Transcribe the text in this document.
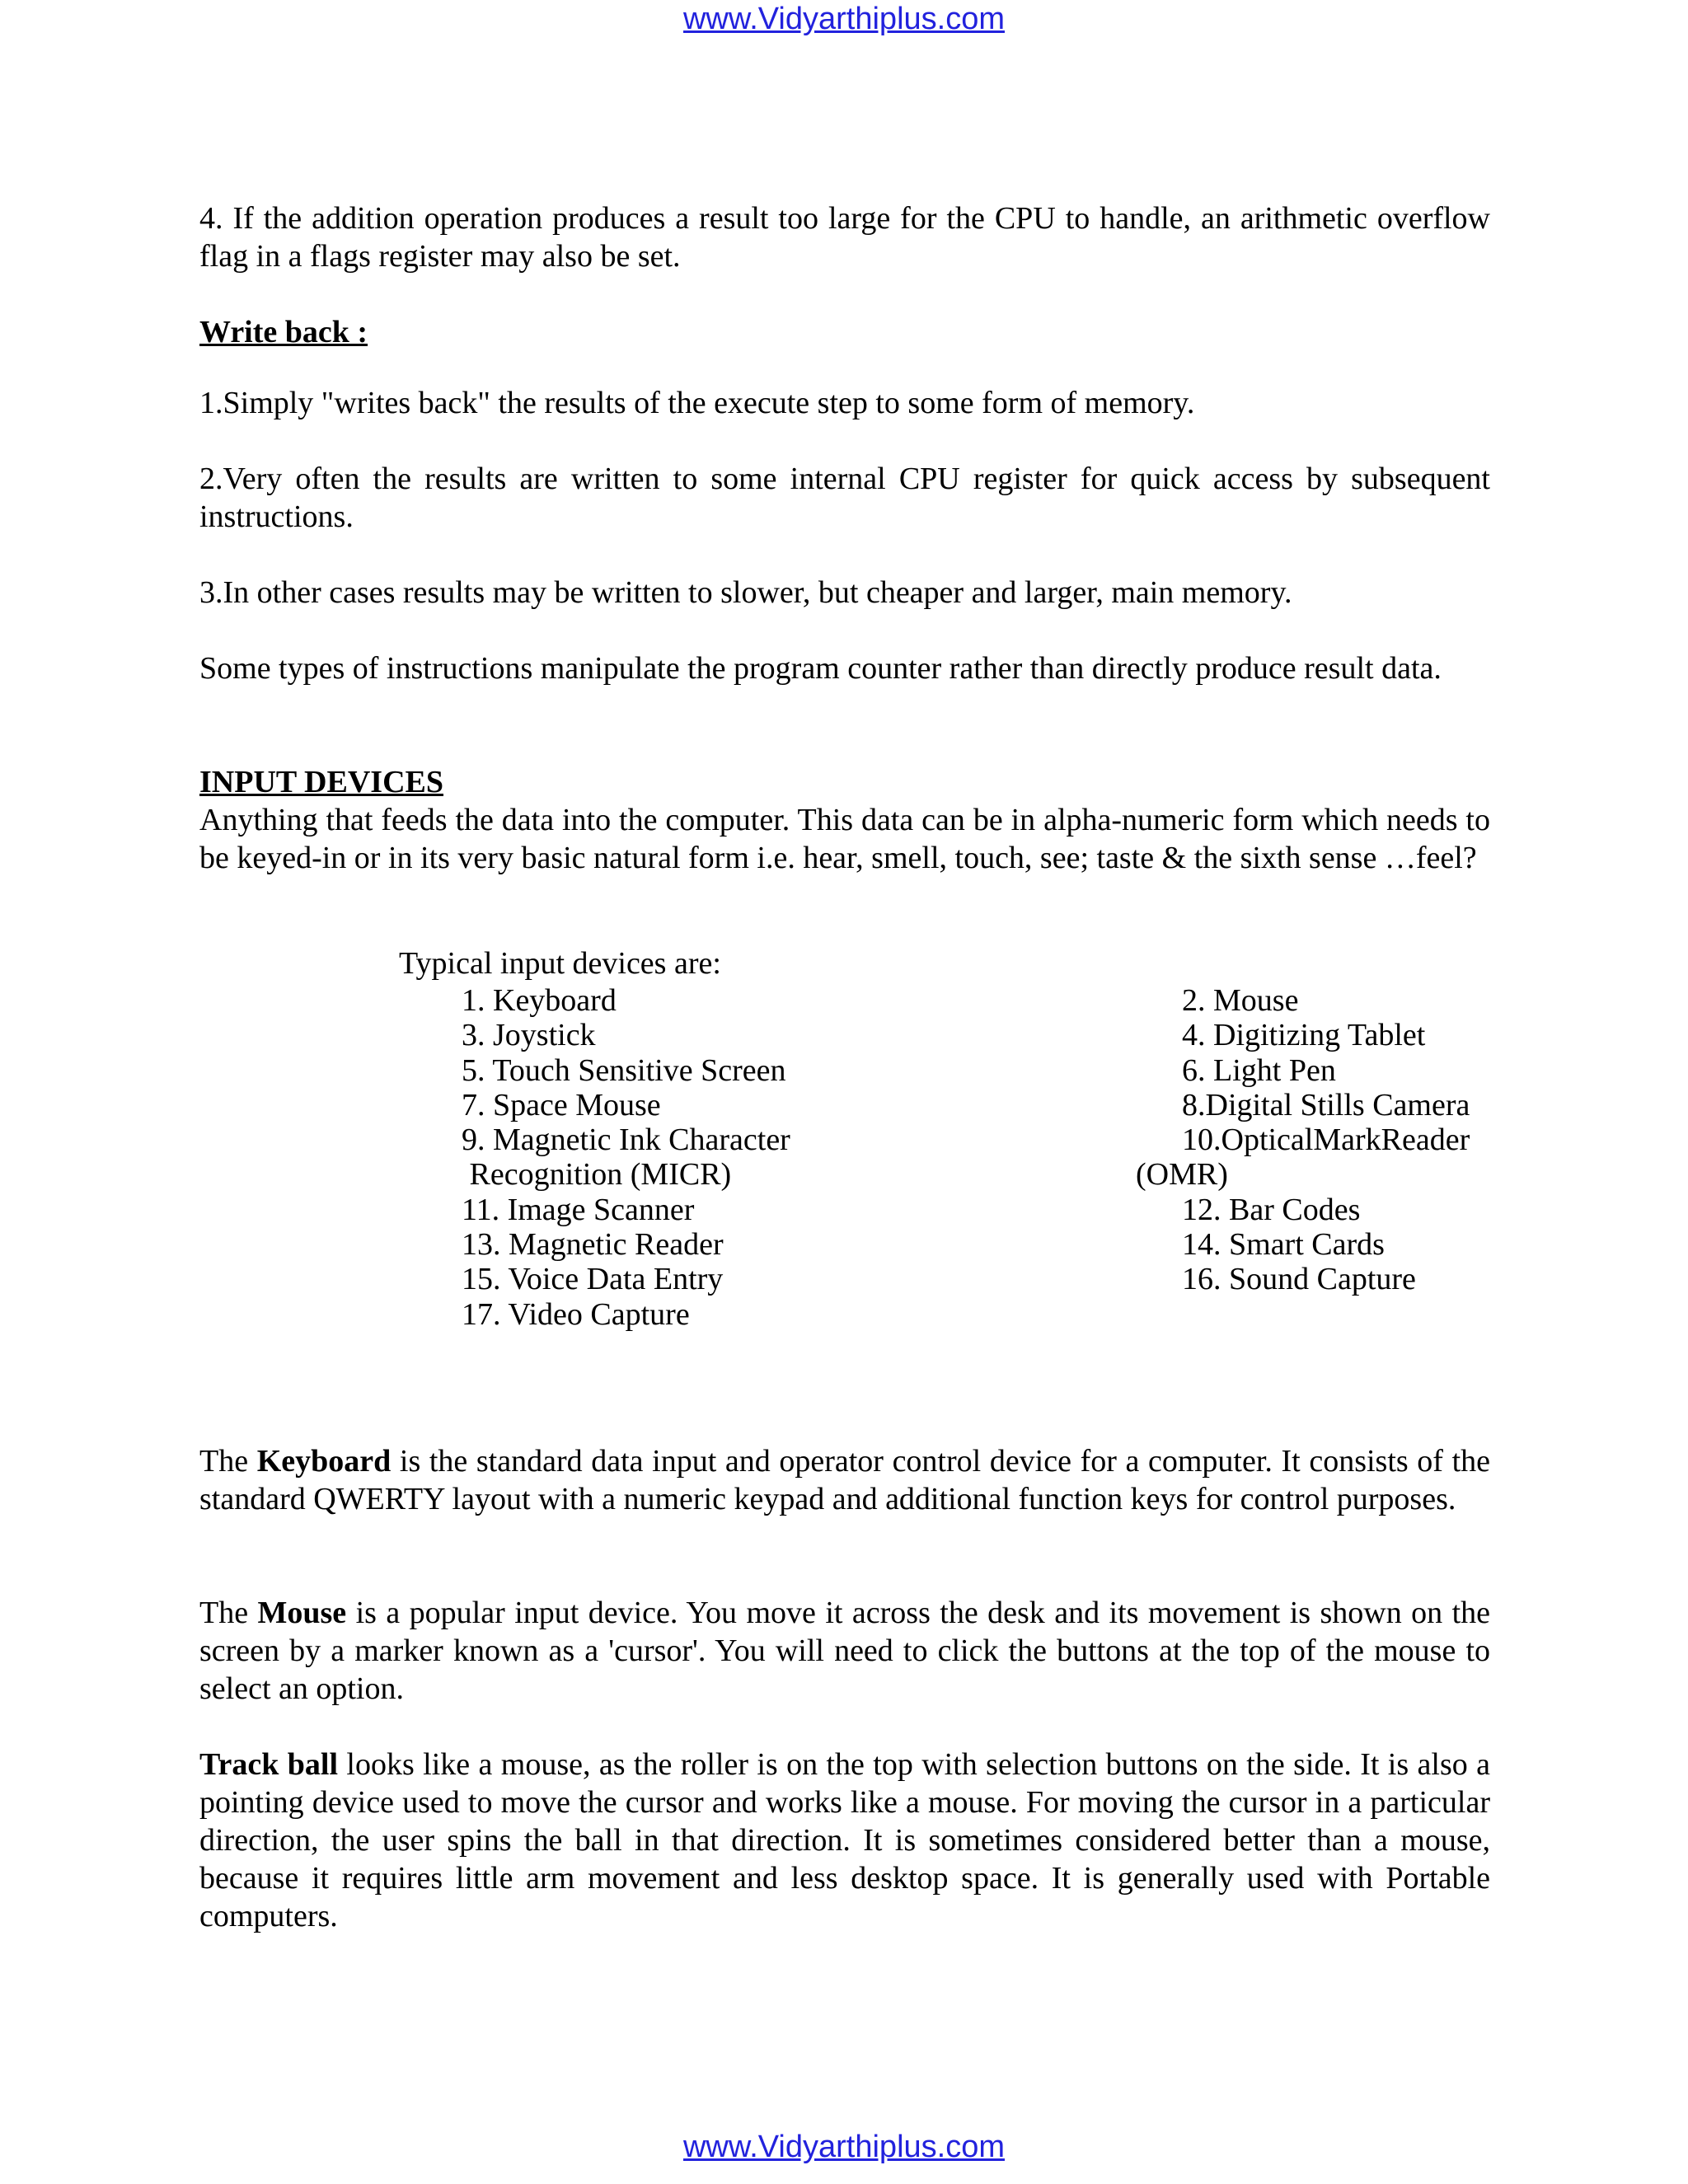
www.Vidyarthiplus.com

4. If the addition operation produces a result too large for the CPU to handle, an arithmetic overflow flag in a flags register may also be set.

Write back :

1.Simply "writes back" the results of the execute step to some form of memory.

2.Very often the results are written to some internal CPU register for quick access by subsequent instructions.

3.In other cases results may be written to slower, but cheaper and larger, main memory.

Some types of instructions manipulate the program counter rather than directly produce result data.

INPUT DEVICES

Anything that feeds the data into the computer. This data can be in alpha-numeric form which needs to be keyed-in or in its very basic natural form i.e. hear, smell, touch, see; taste & the sixth sense …feel?

Typical input devices are:
1. Keyboard
3. Joystick
5. Touch Sensitive Screen
7. Space Mouse
9. Magnetic Ink Character
Recognition (MICR)
11. Image Scanner
13. Magnetic Reader
15. Voice Data Entry
17. Video Capture
2. Mouse
4. Digitizing Tablet
6. Light Pen
8.Digital Stills Camera
10.OpticalMarkReader
(OMR)
12. Bar Codes
14. Smart Cards
16. Sound Capture

The Keyboard is the standard data input and operator control device for a computer. It consists of the standard QWERTY layout with a numeric keypad and additional function keys for control purposes.

The Mouse is a popular input device. You move it across the desk and its movement is shown on the screen by a marker known as a 'cursor'. You will need to click the buttons at the top of the mouse to select an option.

Track ball looks like a mouse, as the roller is on the top with selection buttons on the side. It is also a pointing device used to move the cursor and works like a mouse. For moving the cursor in a particular direction, the user spins the ball in that direction. It is sometimes considered better than a mouse, because it requires little arm movement and less desktop space. It is generally used with Portable computers.

www.Vidyarthiplus.com
